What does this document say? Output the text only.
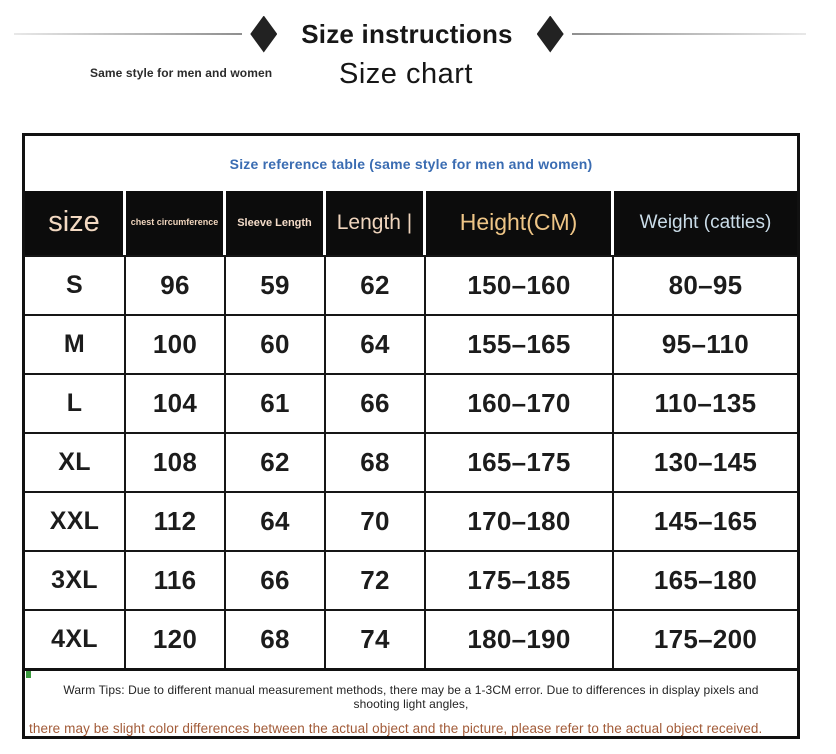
Size instructions
Same style for men and women	Size chart
Size reference table (same style for men and women)
size	chest circumference	Sleeve Length	Length |	Height(CM)	Weight (catties)
S	96	59	62	150–160	80–95
M	100	60	64	155–165	95–110
L	104	61	66	160–170	110–135
XL	108	62	68	165–175	130–145
XXL	112	64	70	170–180	145–165
3XL	116	66	72	175–185	165–180
4XL	120	68	74	180–190	175–200
Warm Tips: Due to different manual measurement methods, there may be a 1-3CM error. Due to differences in display pixels and shooting light angles,
there may be slight color differences between the actual object and the picture, please refer to the actual object received.
